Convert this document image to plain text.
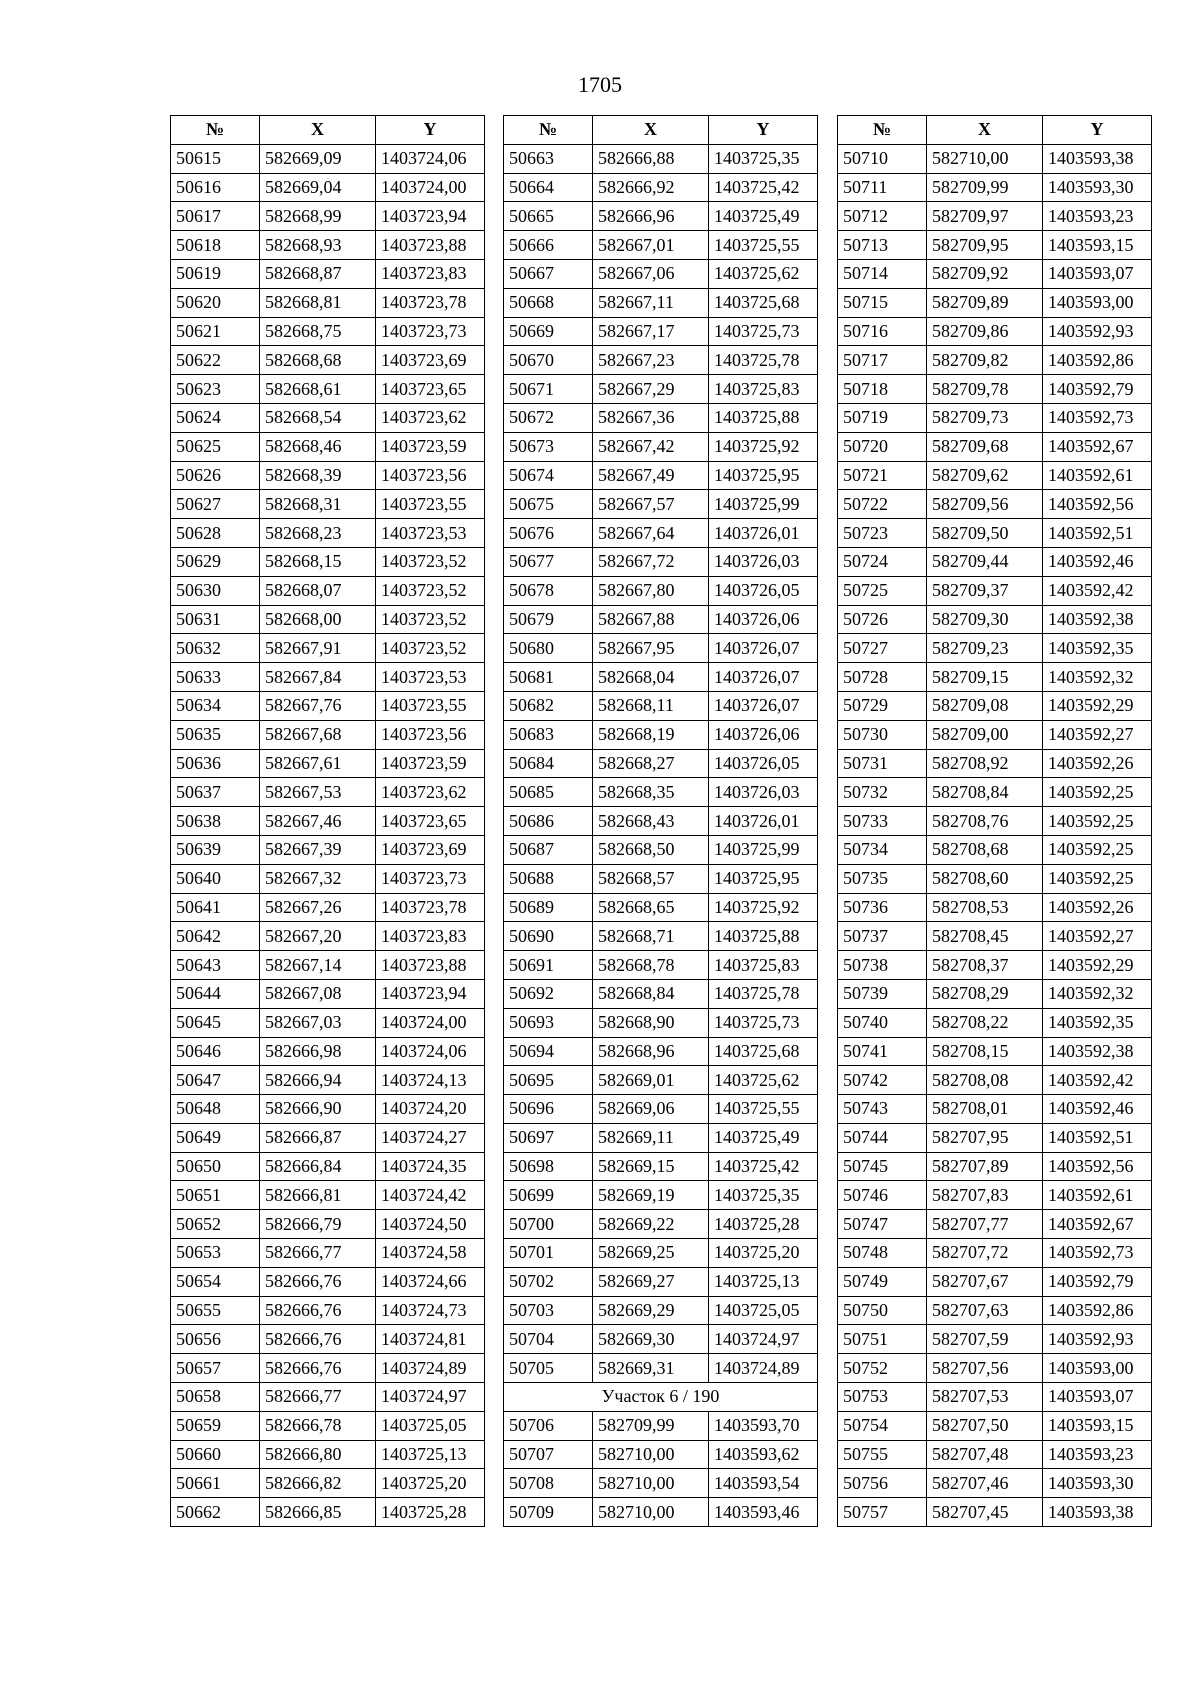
1705
№	X	Y
50615	582669,09	1403724,06
50616	582669,04	1403724,00
50617	582668,99	1403723,94
50618	582668,93	1403723,88
50619	582668,87	1403723,83
50620	582668,81	1403723,78
50621	582668,75	1403723,73
50622	582668,68	1403723,69
50623	582668,61	1403723,65
50624	582668,54	1403723,62
50625	582668,46	1403723,59
50626	582668,39	1403723,56
50627	582668,31	1403723,55
50628	582668,23	1403723,53
50629	582668,15	1403723,52
50630	582668,07	1403723,52
50631	582668,00	1403723,52
50632	582667,91	1403723,52
50633	582667,84	1403723,53
50634	582667,76	1403723,55
50635	582667,68	1403723,56
50636	582667,61	1403723,59
50637	582667,53	1403723,62
50638	582667,46	1403723,65
50639	582667,39	1403723,69
50640	582667,32	1403723,73
50641	582667,26	1403723,78
50642	582667,20	1403723,83
50643	582667,14	1403723,88
50644	582667,08	1403723,94
50645	582667,03	1403724,00
50646	582666,98	1403724,06
50647	582666,94	1403724,13
50648	582666,90	1403724,20
50649	582666,87	1403724,27
50650	582666,84	1403724,35
50651	582666,81	1403724,42
50652	582666,79	1403724,50
50653	582666,77	1403724,58
50654	582666,76	1403724,66
50655	582666,76	1403724,73
50656	582666,76	1403724,81
50657	582666,76	1403724,89
50658	582666,77	1403724,97
50659	582666,78	1403725,05
50660	582666,80	1403725,13
50661	582666,82	1403725,20
50662	582666,85	1403725,28
№	X	Y
50663	582666,88	1403725,35
50664	582666,92	1403725,42
50665	582666,96	1403725,49
50666	582667,01	1403725,55
50667	582667,06	1403725,62
50668	582667,11	1403725,68
50669	582667,17	1403725,73
50670	582667,23	1403725,78
50671	582667,29	1403725,83
50672	582667,36	1403725,88
50673	582667,42	1403725,92
50674	582667,49	1403725,95
50675	582667,57	1403725,99
50676	582667,64	1403726,01
50677	582667,72	1403726,03
50678	582667,80	1403726,05
50679	582667,88	1403726,06
50680	582667,95	1403726,07
50681	582668,04	1403726,07
50682	582668,11	1403726,07
50683	582668,19	1403726,06
50684	582668,27	1403726,05
50685	582668,35	1403726,03
50686	582668,43	1403726,01
50687	582668,50	1403725,99
50688	582668,57	1403725,95
50689	582668,65	1403725,92
50690	582668,71	1403725,88
50691	582668,78	1403725,83
50692	582668,84	1403725,78
50693	582668,90	1403725,73
50694	582668,96	1403725,68
50695	582669,01	1403725,62
50696	582669,06	1403725,55
50697	582669,11	1403725,49
50698	582669,15	1403725,42
50699	582669,19	1403725,35
50700	582669,22	1403725,28
50701	582669,25	1403725,20
50702	582669,27	1403725,13
50703	582669,29	1403725,05
50704	582669,30	1403724,97
50705	582669,31	1403724,89
Участок 6 / 190		
50706	582709,99	1403593,70
50707	582710,00	1403593,62
50708	582710,00	1403593,54
50709	582710,00	1403593,46
№	X	Y
50710	582710,00	1403593,38
50711	582709,99	1403593,30
50712	582709,97	1403593,23
50713	582709,95	1403593,15
50714	582709,92	1403593,07
50715	582709,89	1403593,00
50716	582709,86	1403592,93
50717	582709,82	1403592,86
50718	582709,78	1403592,79
50719	582709,73	1403592,73
50720	582709,68	1403592,67
50721	582709,62	1403592,61
50722	582709,56	1403592,56
50723	582709,50	1403592,51
50724	582709,44	1403592,46
50725	582709,37	1403592,42
50726	582709,30	1403592,38
50727	582709,23	1403592,35
50728	582709,15	1403592,32
50729	582709,08	1403592,29
50730	582709,00	1403592,27
50731	582708,92	1403592,26
50732	582708,84	1403592,25
50733	582708,76	1403592,25
50734	582708,68	1403592,25
50735	582708,60	1403592,25
50736	582708,53	1403592,26
50737	582708,45	1403592,27
50738	582708,37	1403592,29
50739	582708,29	1403592,32
50740	582708,22	1403592,35
50741	582708,15	1403592,38
50742	582708,08	1403592,42
50743	582708,01	1403592,46
50744	582707,95	1403592,51
50745	582707,89	1403592,56
50746	582707,83	1403592,61
50747	582707,77	1403592,67
50748	582707,72	1403592,73
50749	582707,67	1403592,79
50750	582707,63	1403592,86
50751	582707,59	1403592,93
50752	582707,56	1403593,00
50753	582707,53	1403593,07
50754	582707,50	1403593,15
50755	582707,48	1403593,23
50756	582707,46	1403593,30
50757	582707,45	1403593,38
